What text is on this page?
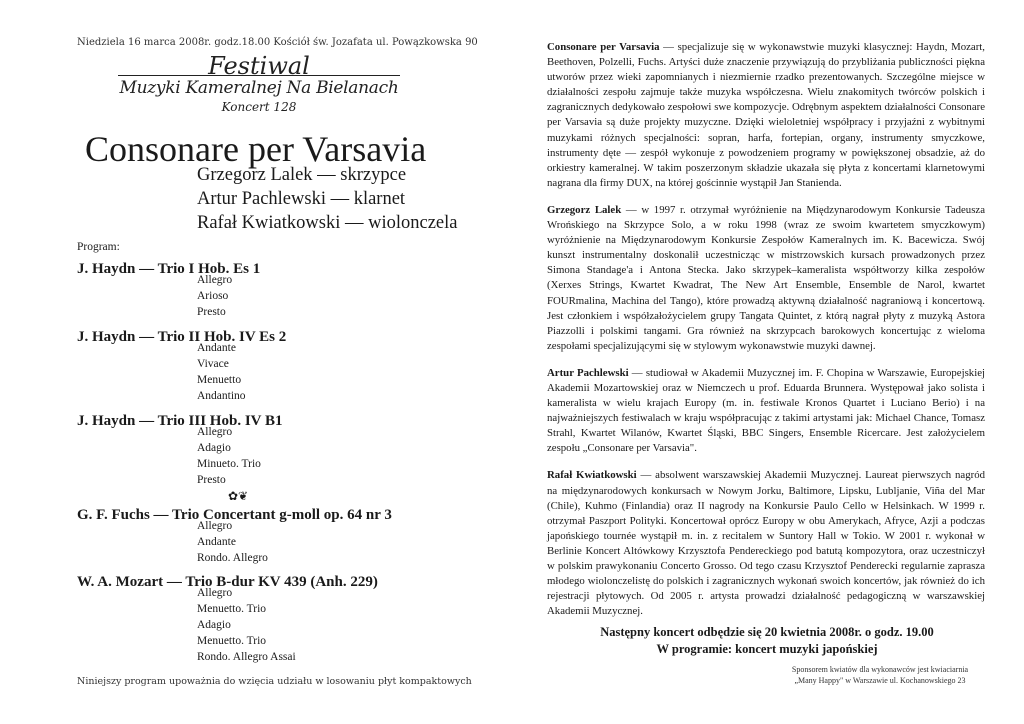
Niedziela 16 marca 2008r. godz.18.00 Kościół św. Jozafata ul. Powązkowska 90
Festiwal
Muzyki Kameralnej Na Bielanach
Koncert 128
Consonare per Varsavia
Grzegorz Lalek — skrzypce
Artur Pachlewski — klarnet
Rafał Kwiatkowski — wiolonczela
Program:
J. Haydn — Trio I Hob. Es 1
Allegro
Arioso
Presto
J. Haydn — Trio II Hob. IV Es 2
Andante
Vivace
Menuetto
Andantino
J. Haydn — Trio III Hob. IV B1
Allegro
Adagio
Minueto. Trio
Presto
✿❦
G. F. Fuchs — Trio Concertant g-moll op. 64 nr 3
Allegro
Andante
Rondo. Allegro
W. A. Mozart — Trio B-dur KV 439 (Anh. 229)
Allegro
Menuetto. Trio
Adagio
Menuetto. Trio
Rondo. Allegro Assai
Niniejszy program upoważnia do wzięcia udziału w losowaniu płyt kompaktowych
Consonare per Varsavia — specjalizuje się w wykonawstwie muzyki klasycznej: Haydn, Mozart, Beethoven, Polzelli, Fuchs. Artyści duże znaczenie przywiązują do przybliżania publiczności piękna utworów przez wieki zapomnianych i niezmiernie rzadko prezentowanych. Szczególne miejsce w działalności zespołu zajmuje także muzyka współczesna. Wielu znakomitych twórców polskich i zagranicznych dedykowało zespołowi swe kompozycje. Odrębnym aspektem działalności Consonare per Varsavia są duże projekty muzyczne. Dzięki wieloletniej współpracy i przyjaźni z wybitnymi muzykami różnych specjalności: sopran, harfa, fortepian, organy, instrumenty smyczkowe, instrumenty dęte — zespół wykonuje z powodzeniem programy w powiększonej obsadzie, aż do orkiestry kameralnej. W takim poszerzonym składzie ukazała się płyta z koncertami klarnetowymi nagrana dla firmy DUX, na której gościnnie wystąpił Jan Stanienda.
Grzegorz Lalek — w 1997 r. otrzymał wyróżnienie na Międzynarodowym Konkursie Tadeusza Wrońskiego na Skrzypce Solo, a w roku 1998 (wraz ze swoim kwartetem smyczkowym) wyróżnienie na Międzynarodowym Konkursie Zespołów Kameralnych im. K. Bacewicza. Swój kunszt instrumentalny doskonalił uczestnicząc w mistrzowskich kursach prowadzonych przez Simona Standage'a i Antona Stecka. Jako skrzypek–kameralista współtworzy kilka zespołów (Xerxes Strings, Kwartet Kwadrat, The New Art Ensemble, Ensemble de Narol, kwartet FOURmalina, Machina del Tango), które prowadzą aktywną działalność nagraniową i koncertową. Jest członkiem i współzałożycielem grupy Tangata Quintet, z którą nagrał płyty z muzyką Astora Piazzolli i polskimi tangami. Gra również na skrzypcach barokowych koncertując z wieloma zespołami specjalizującymi się w stylowym wykonawstwie muzyki dawnej.
Artur Pachlewski — studiował w Akademii Muzycznej im. F. Chopina w Warszawie, Europejskiej Akademii Mozartowskiej oraz w Niemczech u prof. Eduarda Brunnera. Występował jako solista i kameralista w wielu krajach Europy (m. in. festiwale Kronos Quartet i Luciano Berio) i na najważniejszych festiwalach w kraju współpracując z takimi artystami jak: Michael Chance, Tomasz Strahl, Kwartet Wilanów, Kwartet Śląski, BBC Singers, Ensemble Ricercare. Jest założycielem zespołu „Consonare per Varsavia".
Rafał Kwiatkowski — absolwent warszawskiej Akademii Muzycznej. Laureat pierwszych nagród na międzynarodowych konkursach w Nowym Jorku, Baltimore, Lipsku, Lubljanie, Viña del Mar (Chile), Kuhmo (Finlandia) oraz II nagrody na Konkursie Paulo Cello w Helsinkach. W 1999 r. otrzymał Paszport Polityki. Koncertował oprócz Europy w obu Amerykach, Afryce, Azji a podczas japońskiego tournée wystąpił m. in. z recitalem w Suntory Hall w Tokio. W 2001 r. wykonał w Berlinie Koncert Altówkowy Krzysztofa Pendereckiego pod batutą kompozytora, oraz uczestniczył w polskim prawykonaniu Concerto Grosso. Od tego czasu Krzysztof Penderecki regularnie zaprasza młodego wiolonczelistę do polskich i zagranicznych wykonań swoich koncertów, jak również do ich rejestracji płytowych. Od 2005 r. artysta prowadzi działalność pedagogiczną w warszawskiej Akademii Muzycznej.
Następny koncert odbędzie się 20 kwietnia 2008r. o godz. 19.00
W programie: koncert muzyki japońskiej
Sponsorem kwiatów dla wykonawców jest kwiaciarnia
„Many Happy" w Warszawie ul. Kochanowskiego 23
